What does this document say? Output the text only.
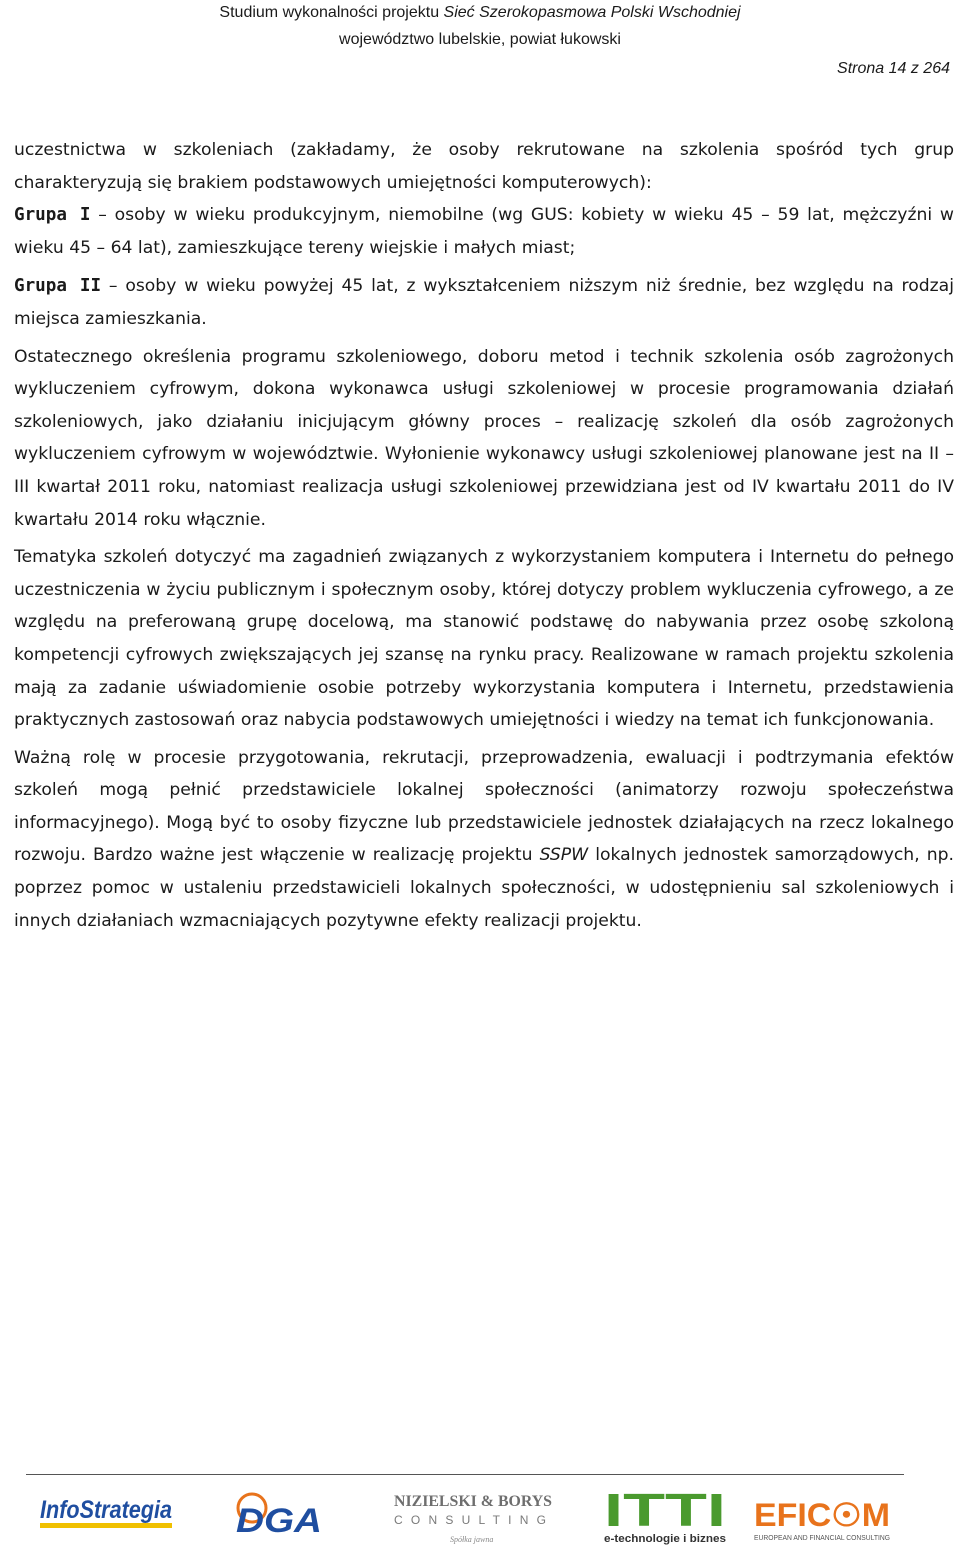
Studium wykonalności projektu Sieć Szerokopasmowa Polski Wschodniej
województwo lubelskie, powiat łukowski
Strona 14 z 264

uczestnictwa w szkoleniach (zakładamy, że osoby rekrutowane na szkolenia spośród tych grup charakteryzują się brakiem podstawowych umiejętności komputerowych):

Grupa I – osoby w wieku produkcyjnym, niemobilne (wg GUS: kobiety w wieku 45 – 59 lat, mężczyźni w wieku 45 – 64 lat), zamieszkujące tereny wiejskie i małych miast;

Grupa II – osoby w wieku powyżej 45 lat, z wykształceniem niższym niż średnie, bez względu na rodzaj miejsca zamieszkania.

Ostatecznego określenia programu szkoleniowego, doboru metod i technik szkolenia osób zagrożonych wykluczeniem cyfrowym, dokona wykonawca usługi szkoleniowej w procesie programowania działań szkoleniowych, jako działaniu inicjującym główny proces – realizację szkoleń dla osób zagrożonych wykluczeniem cyfrowym w województwie. Wyłonienie wykonawcy usługi szkoleniowej planowane jest na II – III kwartał 2011 roku, natomiast realizacja usługi szkoleniowej przewidziana jest od IV kwartału 2011 do IV kwartału 2014 roku włącznie.

Tematyka szkoleń dotyczyć ma zagadnień związanych z wykorzystaniem komputera i Internetu do pełnego uczestniczenia w życiu publicznym i społecznym osoby, której dotyczy problem wykluczenia cyfrowego, a ze względu na preferowaną grupę docelową, ma stanowić podstawę do nabywania przez osobę szkoloną kompetencji cyfrowych zwiększających jej szansę na rynku pracy. Realizowane w ramach projektu szkolenia mają za zadanie uświadomienie osobie potrzeby wykorzystania komputera i Internetu, przedstawienia praktycznych zastosowań oraz nabycia podstawowych umiejętności i wiedzy na temat ich funkcjonowania.

Ważną rolę w procesie przygotowania, rekrutacji, przeprowadzenia, ewaluacji i podtrzymania efektów szkoleń mogą pełnić przedstawiciele lokalnej społeczności (animatorzy rozwoju społeczeństwa informacyjnego). Mogą być to osoby fizyczne lub przedstawiciele jednostek działających na rzecz lokalnego rozwoju. Bardzo ważne jest włączenie w realizację projektu SSPW lokalnych jednostek samorządowych, np. poprzez pomoc w ustaleniu przedstawicieli lokalnych społeczności, w udostępnieniu sal szkoleniowych i innych działaniach wzmacniających pozytywne efekty realizacji projektu.

InfoStrategia DGA
NIZIELSKI & BORYS
CONSULTING
Spółka jawna
ITTI
e-technologie i biznes
EFIC☉M
EUROPEAN AND FINANCIAL CONSULTING
